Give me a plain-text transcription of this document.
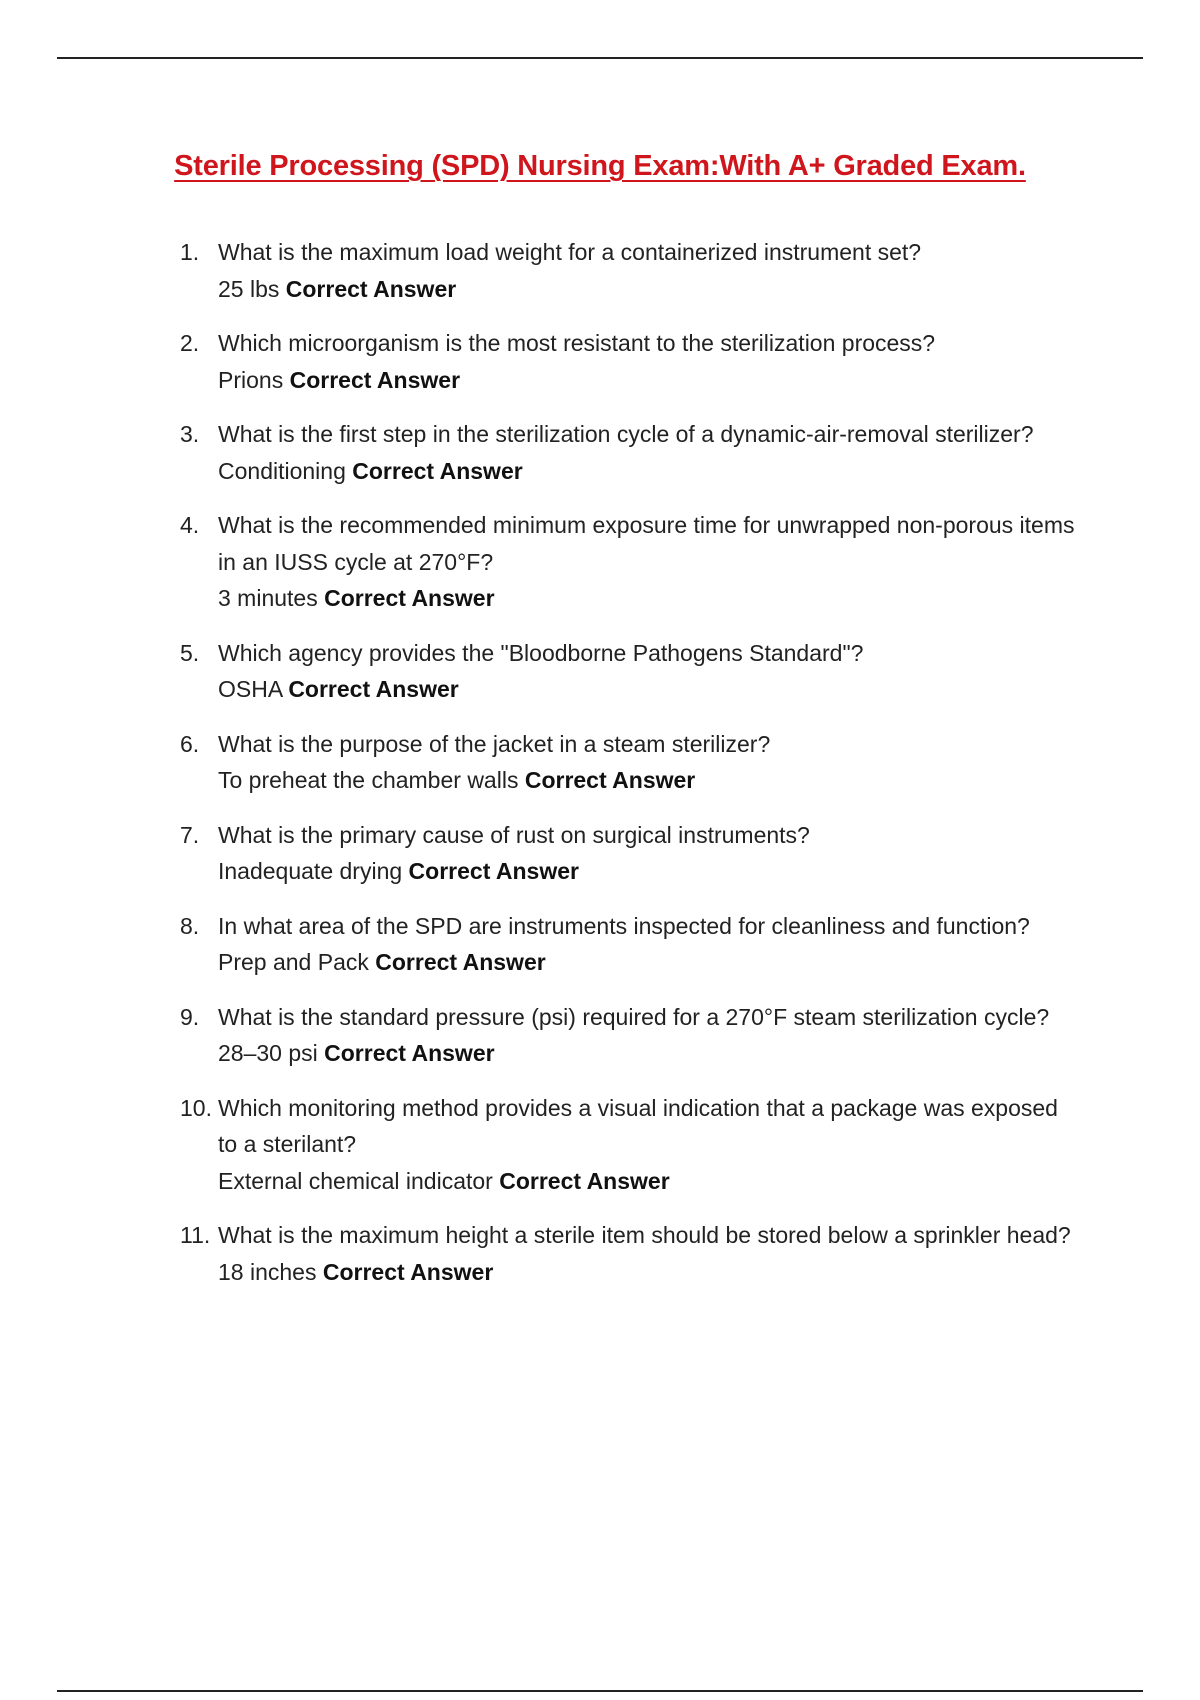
Sterile Processing (SPD) Nursing Exam:With A+ Graded Exam.
1. What is the maximum load weight for a containerized instrument set?
25 lbs Correct Answer
2. Which microorganism is the most resistant to the sterilization process?
Prions Correct Answer
3. What is the first step in the sterilization cycle of a dynamic-air-removal sterilizer?
Conditioning Correct Answer
4. What is the recommended minimum exposure time for unwrapped non-porous items in an IUSS cycle at 270°F?
3 minutes Correct Answer
5. Which agency provides the "Bloodborne Pathogens Standard"?
OSHA Correct Answer
6. What is the purpose of the jacket in a steam sterilizer?
To preheat the chamber walls Correct Answer
7. What is the primary cause of rust on surgical instruments?
Inadequate drying Correct Answer
8. In what area of the SPD are instruments inspected for cleanliness and function?
Prep and Pack Correct Answer
9. What is the standard pressure (psi) required for a 270°F steam sterilization cycle?
28–30 psi Correct Answer
10. Which monitoring method provides a visual indication that a package was exposed to a sterilant?
External chemical indicator Correct Answer
11. What is the maximum height a sterile item should be stored below a sprinkler head?
18 inches Correct Answer
